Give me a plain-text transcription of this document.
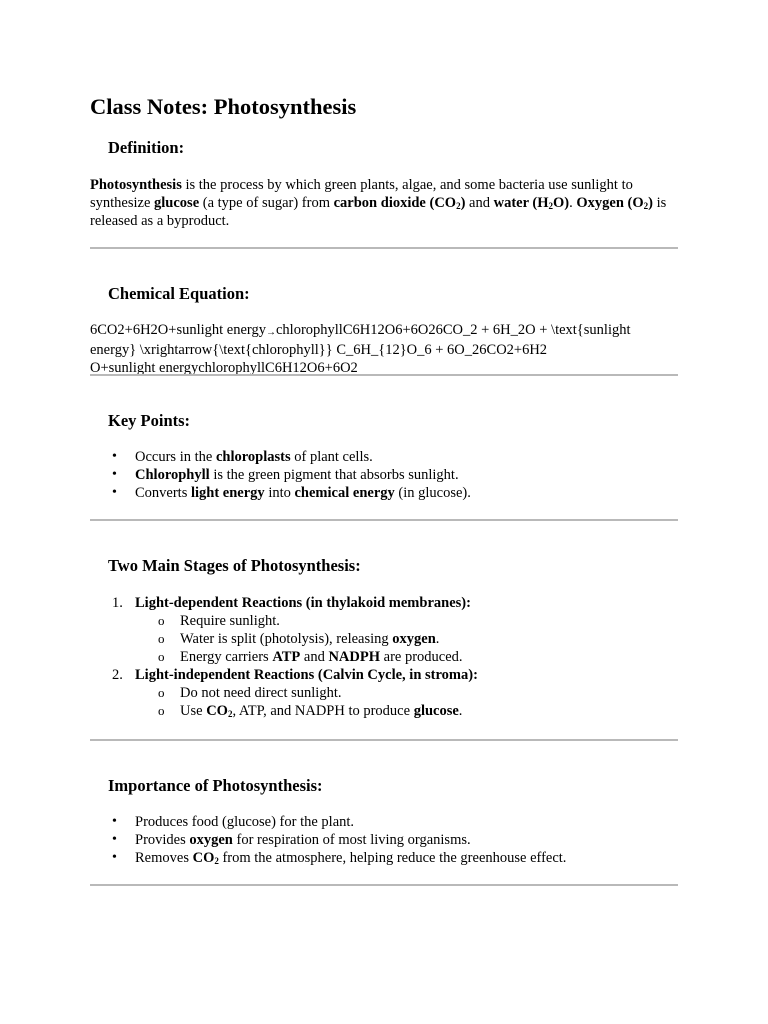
Class Notes: Photosynthesis
Definition:

Photosynthesis is the process by which green plants, algae, and some bacteria use sunlight to synthesize glucose (a type of sugar) from carbon dioxide $(CO_2)$ and water $(H_2O)$. Oxygen $(O_2)$ is released as a byproduct.

Chemical Equation:
6CO2+6H2O+sunlight energy→chlorophyllC6H12O6+6O26CO_2 + 6H_2O + \text{sunlight
energy} \xrightarrow{\text{chlorophyll}} C_6H_{12}O_6 + 6O_26CO2+6H2
O+sunlight energychlorophyllC6H12O6+6O2
Key Points:
• Occurs in the chloroplasts of plant cells.
• Chlorophyll is the green pigment that absorbs sunlight.
• Converts light energy into chemical energy (in glucose).
Two Main Stages of Photosynthesis:
1. Light-dependent Reactions (in thylakoid membranes):
o Require sunlight.
o Water is split (photolysis), releasing oxygen.
o Energy carriers ATP and NADPH are produced.
2. Light-independent Reactions (Calvin Cycle, in stroma):
o Do not need direct sunlight.
o Use $CO_2$, ATP, and NADPH to produce glucose.
Importance of Photosynthesis:
• Produces food (glucose) for the plant.
• Provides oxygen for respiration of most living organisms.
• Removes $CO_2$ from the atmosphere, helping reduce the greenhouse effect.
